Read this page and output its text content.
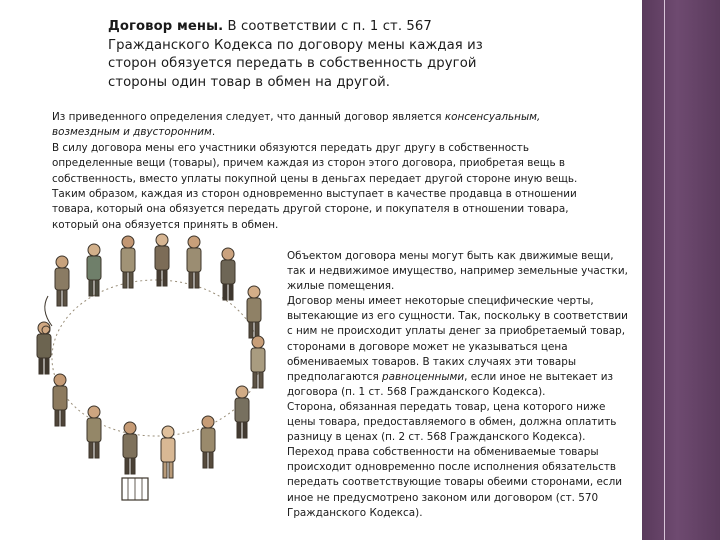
Договор мены. В соответствии с п. 1 ст. 567 Гражданского Кодекса по договору мены каждая из сторон обязуется передать в собственность другой стороны один товар в обмен на другой.

Из приведенного определения следует, что данный договор является консенсуальным, возмездным и двусторонним.

В силу договора мены его участники обязуются передать друг другу в собственность определенные вещи (товары), причем каждая из сторон этого договора, приобретая вещь в собственность, вместо уплаты покупной цены в деньгах передает другой стороне иную вещь.

Таким образом, каждая из сторон одновременно выступает в качестве продавца в отношении товара, который она обязуется передать другой стороне, и покупателя в отношении товара, который она обязуется принять в обмен.

Объектом договора мены могут быть как движимые вещи, так и недвижимое имущество, например земельные участки, жилые помещения.

Договор мены имеет некоторые специфические черты, вытекающие из его сущности. Так, поскольку в соответствии с ним не происходит уплаты денег за приобретаемый товар, сторонами в договоре может не указываться цена обмениваемых товаров. В таких случаях эти товары предполагаются равноценными, если иное не вытекает из договора (п. 1 ст. 568 Гражданского Кодекса).

Сторона, обязанная передать товар, цена которого ниже цены товара, предоставляемого в обмен, должна оплатить разницу в ценах (п. 2 ст. 568 Гражданского Кодекса).

Переход права собственности на обмениваемые товары происходит одновременно после исполнения обязательств передать соответствующие товары обеими сторонами, если иное не предусмотрено законом или договором (ст. 570 Гражданского Кодекса).
